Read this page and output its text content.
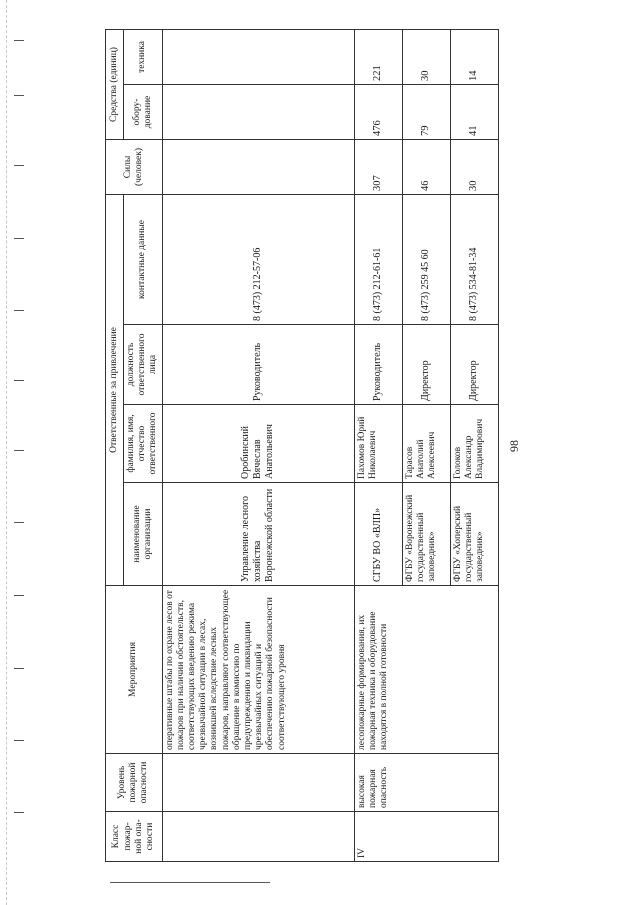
Класс пожар-ной опа-сности	Уровень пожарной опасности	Мероприятия	Ответственные за привлечение				Силы (человек)	Средства (единиц)	
			наименование организации	фамилия, имя, отчество ответственного	должность ответственного лица	контактные данные		обору-дование	техника
		оперативные штабы по охране лесов от пожаров при наличии обстоятельств, соответствующих введению режима чрезвычайной ситуации в лесах, возникшей вследствие лесных пожаров, направляют соответствующее обращение в комиссию по предупреждению и ликвидации чрезвычайных ситуаций и обеспечению пожарной безопасности соответствующего уровня	Управление лесного хозяйства Воронежской области	Оробинский Вячеслав Анатольевич	Руководитель	8 (473) 212-57-06			
IV	высокая пожарная опасность	лесопожарные формирования, их пожарная техника и оборудование находятся в полной готовности	СГБУ ВО «ВЛП»	Пахомов Юрий Николаевич	Руководитель	8 (473) 212-61-61	307	476	221
			ФГБУ «Воронежский государственный заповедник»	Тарасов Анатолий Алексеевич	Директор	8 (473) 259 45 60	46	79	30
			ФГБУ «Хоперский государственный заповедник»	Голоков Александр Владимирович	Директор	8 (473) 534-81-34	30	41	14
98
